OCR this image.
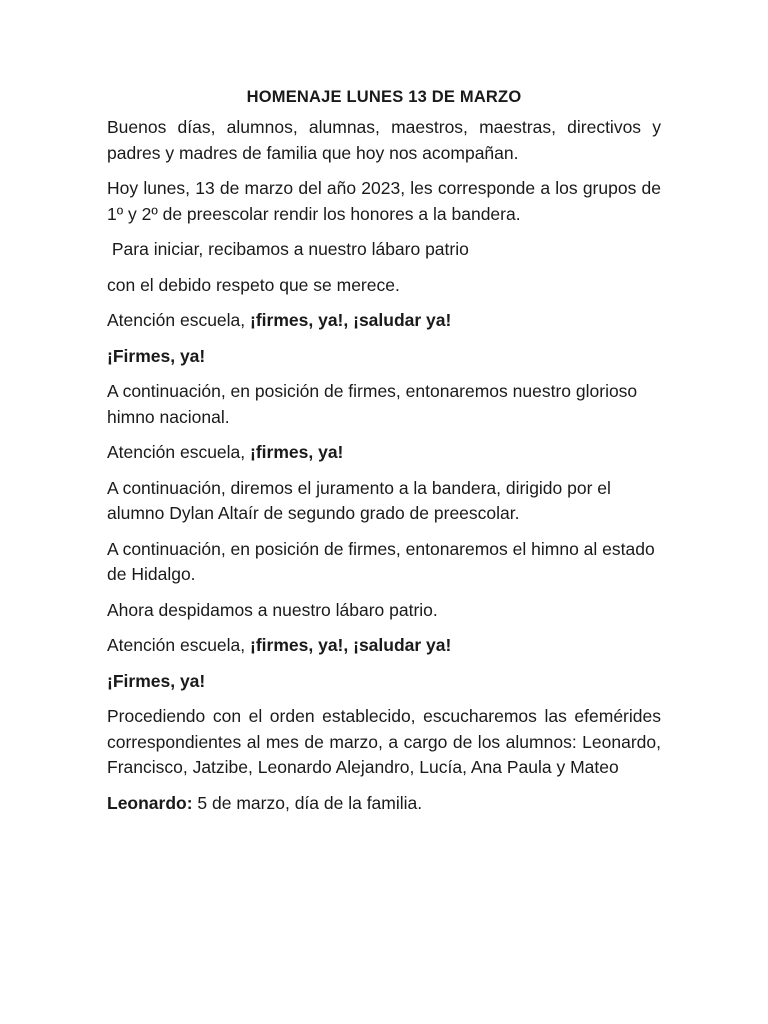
HOMENAJE LUNES 13 DE MARZO

Buenos días, alumnos, alumnas, maestros, maestras, directivos y padres y madres de familia que hoy nos acompañan.

Hoy lunes, 13 de marzo del año 2023, les corresponde a los grupos de 1º y 2º de preescolar rendir los honores a la bandera.

Para iniciar, recibamos a nuestro lábaro patrio

con el debido respeto que se merece.

Atención escuela, ¡firmes, ya!, ¡saludar ya!

¡Firmes, ya!

A continuación, en posición de firmes, entonaremos nuestro glorioso himno nacional.

Atención escuela, ¡firmes, ya!

A continuación, diremos el juramento a la bandera, dirigido por el alumno Dylan Altaír de segundo grado de preescolar.

A continuación, en posición de firmes, entonaremos el himno al estado de Hidalgo.

Ahora despidamos a nuestro lábaro patrio.

Atención escuela, ¡firmes, ya!, ¡saludar ya!

¡Firmes, ya!

Procediendo con el orden establecido, escucharemos las efemérides correspondientes al mes de marzo, a cargo de los alumnos: Leonardo, Francisco, Jatzibe, Leonardo Alejandro, Lucía, Ana Paula y Mateo

Leonardo: 5 de marzo, día de la familia.
